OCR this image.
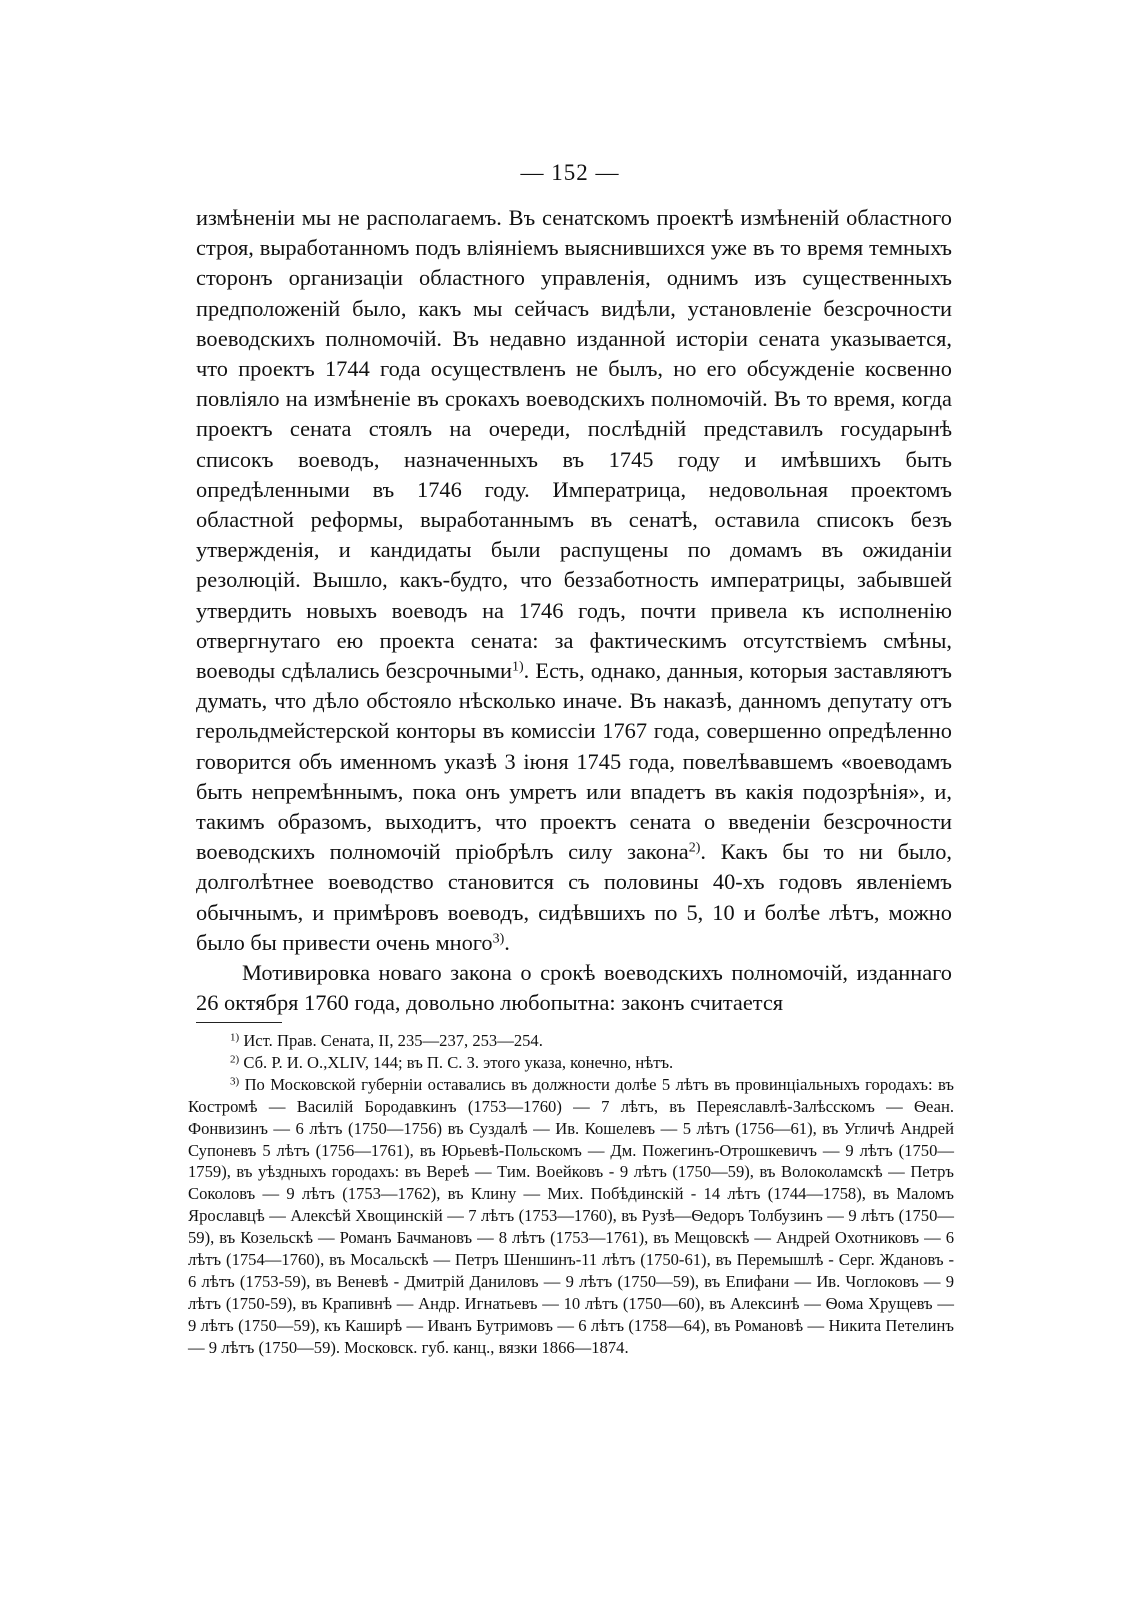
— 152 —

измѣненіи мы не располагаемъ. Въ сенатскомъ проектѣ измѣненій областного строя, выработанномъ подъ вліяніемъ выяснившихся уже въ то время темныхъ сторонъ организаціи областного управленія, однимъ изъ существенныхъ предположеній было, какъ мы сейчасъ видѣли, установленіе безсрочности воеводскихъ полномочій. Въ недавно изданной исторіи сената указывается, что проектъ 1744 года осуществленъ не былъ, но его обсужденіе косвенно повліяло на измѣненіе въ срокахъ воеводскихъ полномочій. Въ то время, когда проектъ сената стоялъ на очереди, послѣдній представилъ государынѣ списокъ воеводъ, назначенныхъ въ 1745 году и имѣвшихъ быть опредѣленными въ 1746 году. Императрица, недовольная проектомъ областной реформы, выработаннымъ въ сенатѣ, оставила списокъ безъ утвержденія, и кандидаты были распущены по домамъ въ ожиданіи резолюцій. Вышло, какъ-будто, что беззаботность императрицы, забывшей утвердить новыхъ воеводъ на 1746 годъ, почти привела къ исполненію отвергнутаго ею проекта сената: за фактическимъ отсутствіемъ смѣны, воеводы сдѣлались безсрочными$^{1)}$. Есть, однако, данныя, которыя заставляютъ думать, что дѣло обстояло нѣсколько иначе. Въ наказѣ, данномъ депутату отъ герольдмейстерской конторы въ комиссіи 1767 года, совершенно опредѣленно говорится объ именномъ указѣ 3 іюня 1745 года, повелѣвавшемъ «воеводамъ быть непремѣннымъ, пока онъ умретъ или впадетъ въ какія подозрѣнія», и, такимъ образомъ, выходитъ, что проектъ сената о введеніи безсрочности воеводскихъ полномочій пріобрѣлъ силу закона$^{2)}$. Какъ бы то ни было, долголѣтнее воеводство становится съ половины 40-хъ годовъ явленіемъ обычнымъ, и примѣровъ воеводъ, сидѣвшихъ по 5, 10 и болѣе лѣтъ, можно было бы привести очень много$^{3)}$.

Мотивировка новаго закона о срокѣ воеводскихъ полномочій, изданнаго 26 октября 1760 года, довольно любопытна: законъ считается

$^{1)}$ Ист. Прав. Сената, II, 235—237, 253—254.

$^{2)}$ Сб. Р. И. О.,XLIV, 144; въ П. С. З. этого указа, конечно, нѣтъ.

$^{3)}$ По Московской губерніи оставались въ должности долѣе 5 лѣтъ въ провинціальныхъ городахъ: въ Костромѣ — Василій Бородавкинъ (1753—1760) — 7 лѣтъ, въ Переяславлѣ-Залѣсскомъ — Ѳеан. Фонвизинъ — 6 лѣтъ (1750—1756) въ Суздалѣ — Ив. Кошелевъ — 5 лѣтъ (1756—61), въ Угличѣ Андрей Супоневъ 5 лѣтъ (1756—1761), въ Юрьевѣ-Польскомъ — Дм. Пожегинъ-Отрошкевичъ — 9 лѣтъ (1750—1759), въ уѣздныхъ городахъ: въ Вереѣ — Тим. Воейковъ - 9 лѣтъ (1750—59), въ Волоколамскѣ — Петръ Соколовъ — 9 лѣтъ (1753—1762), въ Клину — Мих. Побѣдинскій - 14 лѣтъ (1744—1758), въ Маломъ Ярославцѣ — Алексѣй Хвощинскій — 7 лѣтъ (1753—1760), въ Рузѣ—Ѳедоръ Толбузинъ — 9 лѣтъ (1750—59), въ Козельскѣ — Романъ Бачмановъ — 8 лѣтъ (1753—1761), въ Мещовскѣ — Андрей Охотниковъ — 6 лѣтъ (1754—1760), въ Мосальскѣ — Петръ Шеншинъ-11 лѣтъ (1750-61), въ Перемышлѣ - Серг. Ждановъ - 6 лѣтъ (1753-59), въ Веневѣ - Дмитрій Даниловъ — 9 лѣтъ (1750—59), въ Епифани — Ив. Чоглоковъ — 9 лѣтъ (1750-59), въ Крапивнѣ — Андр. Игнатьевъ — 10 лѣтъ (1750—60), въ Алексинѣ — Ѳома Хрущевъ — 9 лѣтъ (1750—59), къ Каширѣ — Иванъ Бутримовъ — 6 лѣтъ (1758—64), въ Романовѣ — Никита Петелинъ — 9 лѣтъ (1750—59). Московск. губ. канц., вязки 1866—1874.
